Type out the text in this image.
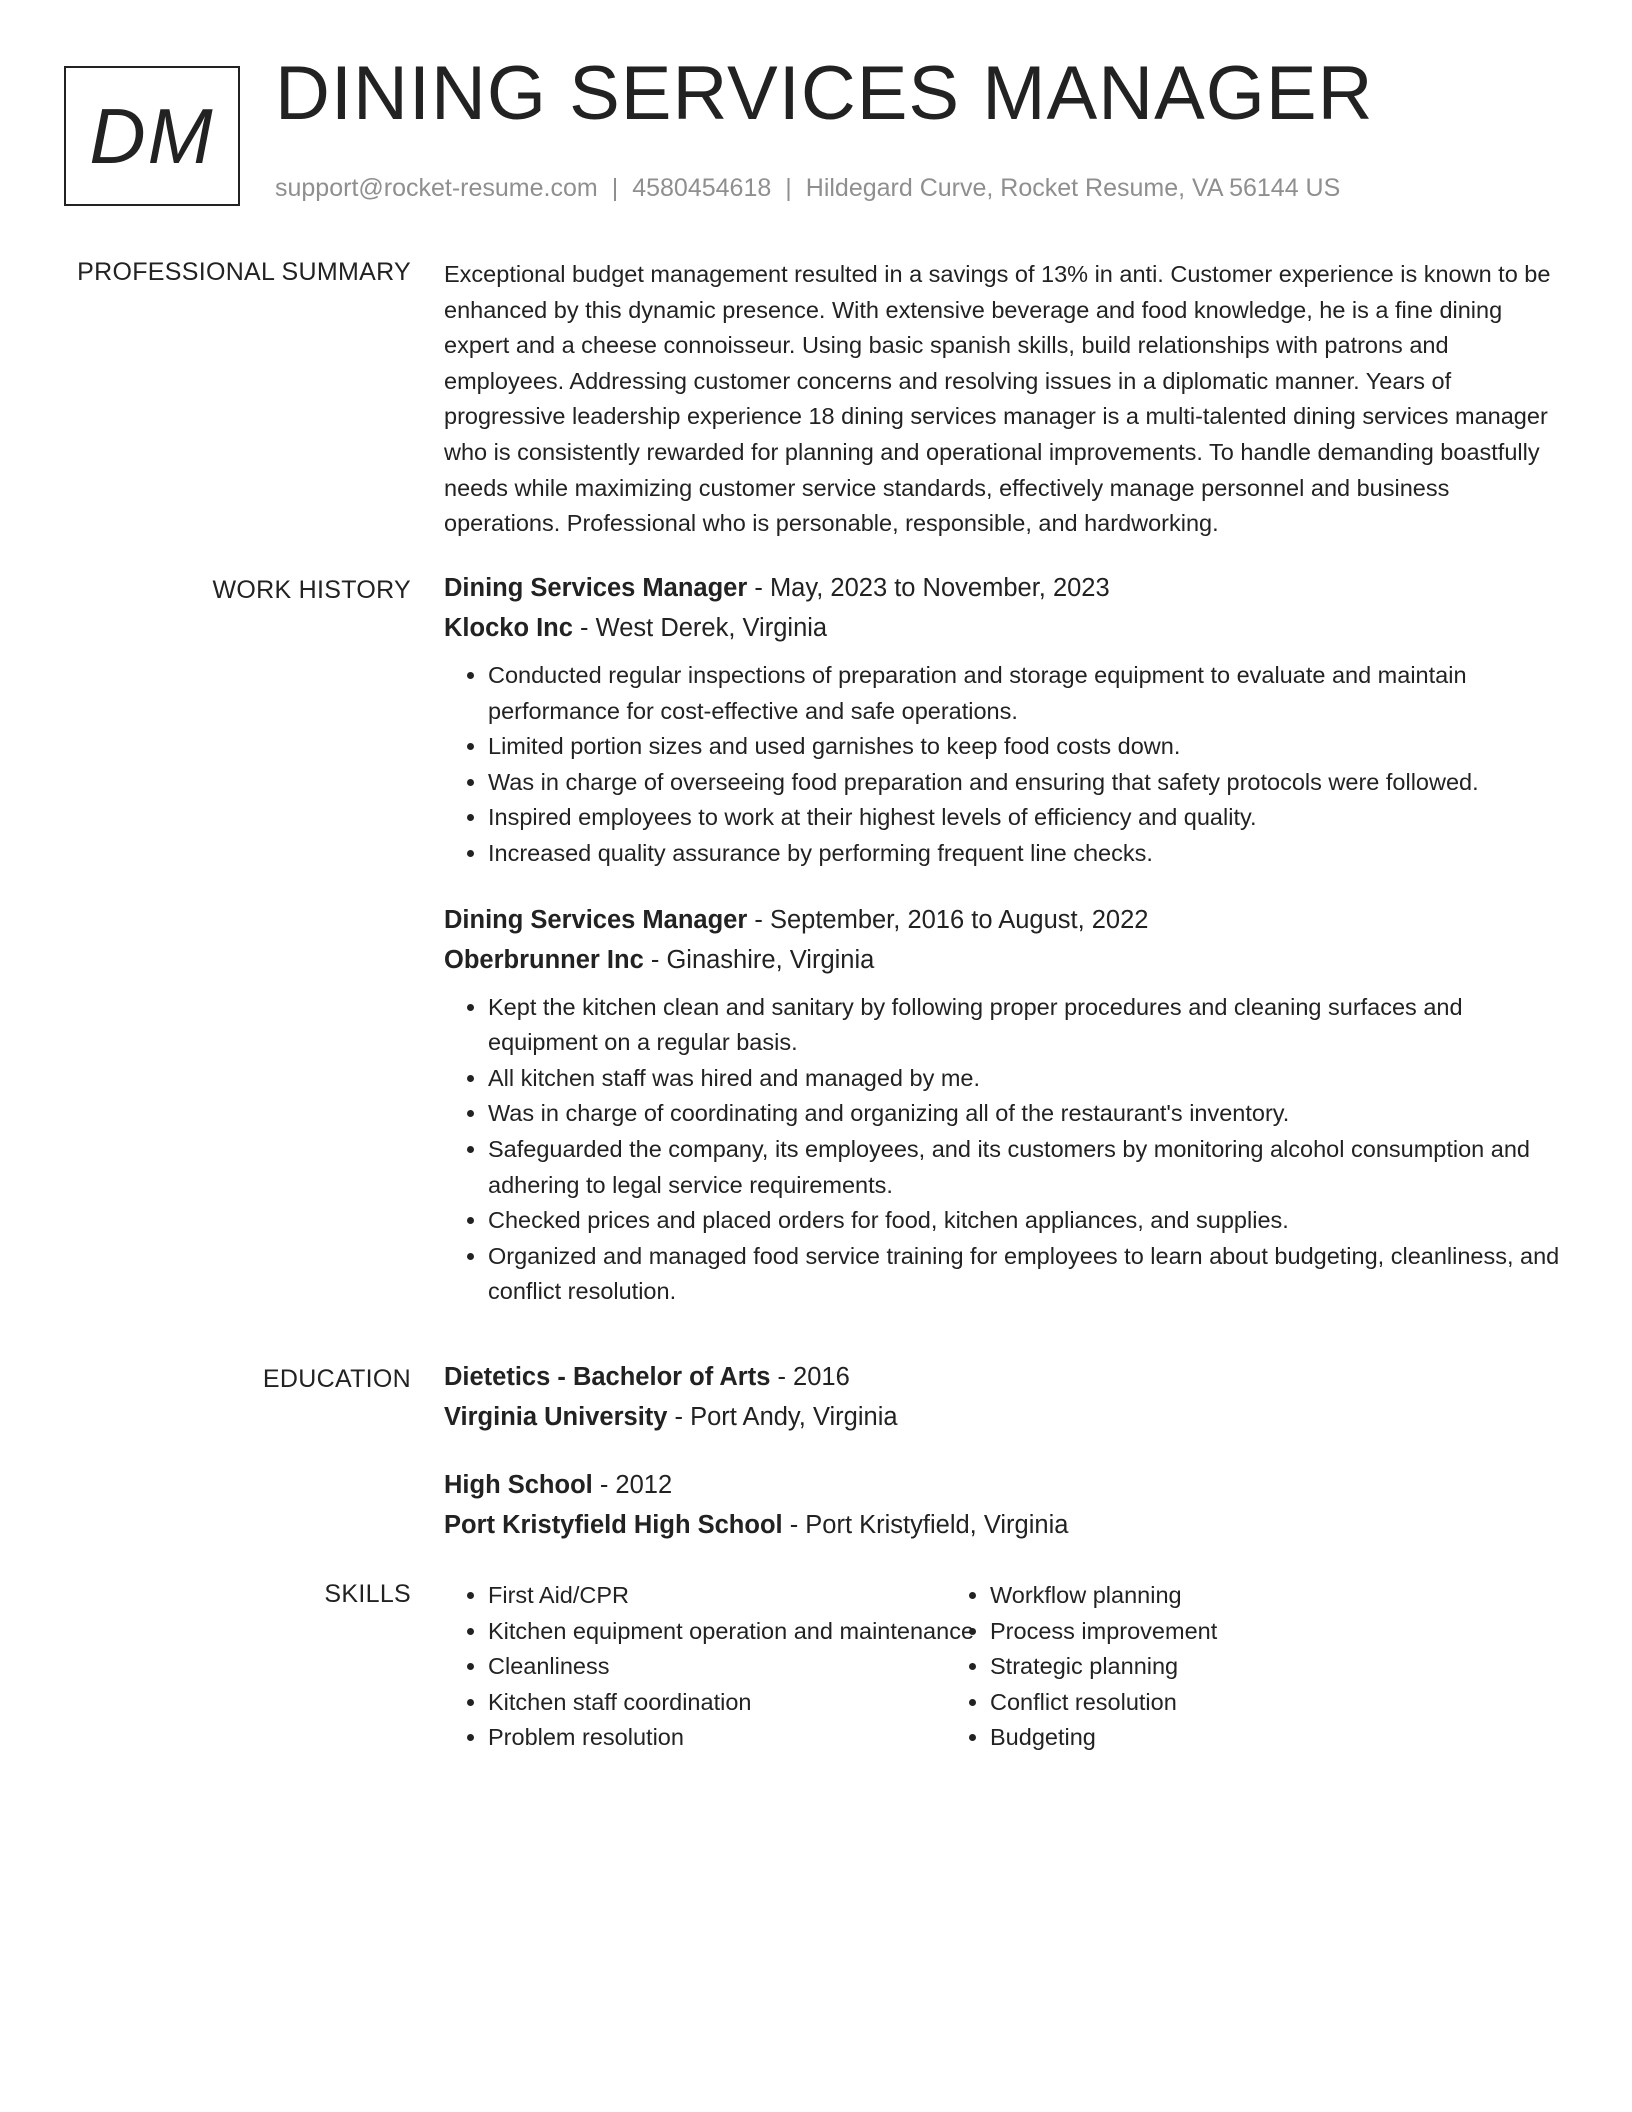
DM DINING SERVICES MANAGER
support@rocket-resume.com | 4580454618 | Hildegard Curve, Rocket Resume, VA 56144 US
PROFESSIONAL SUMMARY Exceptional budget management resulted in a savings of 13% in anti. Customer experience is known to be enhanced by this dynamic presence. With extensive beverage and food knowledge, he is a fine dining expert and a cheese connoisseur. Using basic spanish skills, build relationships with patrons and employees. Addressing customer concerns and resolving issues in a diplomatic manner. Years of progressive leadership experience 18 dining services manager is a multi-talented dining services manager who is consistently rewarded for planning and operational improvements. To handle demanding boastfully needs while maximizing customer service standards, effectively manage personnel and business operations. Professional who is personable, responsible, and hardworking.

WORK HISTORY Dining Services Manager - May, 2023 to November, 2023
Klocko Inc - West Derek, Virginia
• Conducted regular inspections of preparation and storage equipment to evaluate and maintain performance for cost-effective and safe operations.
• Limited portion sizes and used garnishes to keep food costs down.
• Was in charge of overseeing food preparation and ensuring that safety protocols were followed.
• Inspired employees to work at their highest levels of efficiency and quality.
• Increased quality assurance by performing frequent line checks.
Dining Services Manager - September, 2016 to August, 2022
Oberbrunner Inc - Ginashire, Virginia
• Kept the kitchen clean and sanitary by following proper procedures and cleaning surfaces and equipment on a regular basis.
• All kitchen staff was hired and managed by me.
• Was in charge of coordinating and organizing all of the restaurant's inventory.
• Safeguarded the company, its employees, and its customers by monitoring alcohol consumption and adhering to legal service requirements.
• Checked prices and placed orders for food, kitchen appliances, and supplies.
• Organized and managed food service training for employees to learn about budgeting, cleanliness, and conflict resolution.
EDUCATION Dietetics - Bachelor of Arts - 2016
Virginia University - Port Andy, Virginia
High School - 2012
Port Kristyfield High School - Port Kristyfield, Virginia
SKILLS
•	First Aid/CPR
• Kitchen equipment operation and maintenance
• Cleanliness
• Kitchen staff coordination
• Problem resolution
• Workflow planning
• Process improvement
• Strategic planning
• Conflict resolution
• Budgeting
